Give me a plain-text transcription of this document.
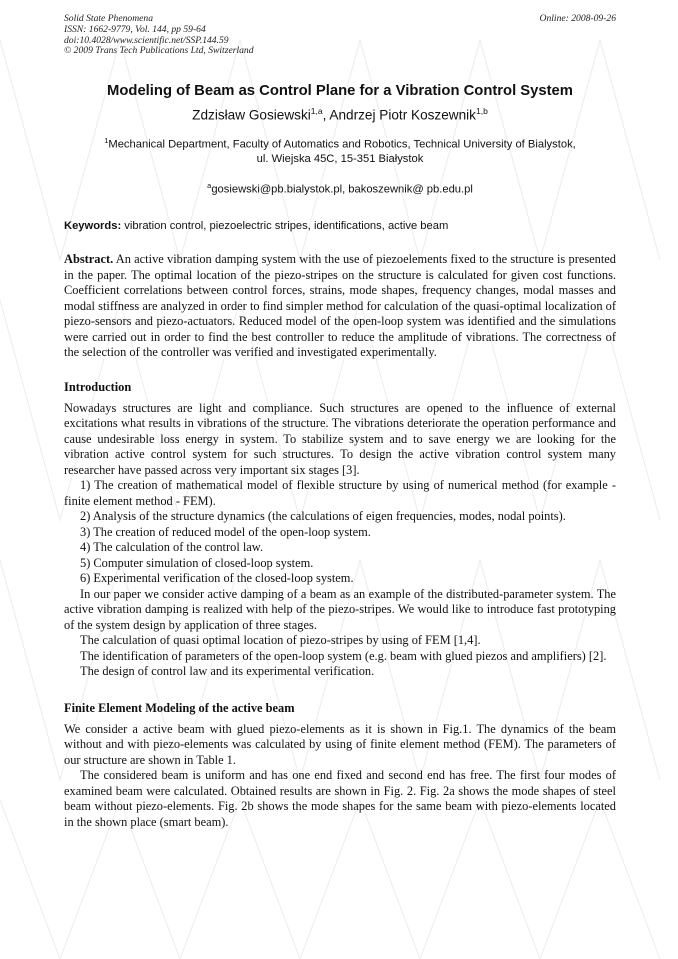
Solid State Phenomena
ISSN: 1662-9779, Vol. 144, pp 59-64
doi:10.4028/www.scientific.net/SSP.144.59
© 2009 Trans Tech Publications Ltd, Switzerland
Online: 2008-09-26
Modeling of Beam as Control Plane for a Vibration Control System
Zdzisław Gosiewski$^{1,a}$, Andrzej Piotr Koszewnik$^{1,b}$
$^1$Mechanical Department, Faculty of Automatics and Robotics, Technical University of Bialystok,
ul. Wiejska 45C, 15-351 Białystok
$^a$gosiewski@pb.bialystok.pl, bakoszewnik@ pb.edu.pl
Keywords: vibration control, piezoelectric stripes, identifications, active beam

Abstract. An active vibration damping system with the use of piezoelements fixed to the structure is presented in the paper. The optimal location of the piezo-stripes on the structure is calculated for given cost functions. Coefficient correlations between control forces, strains, mode shapes, frequency changes, modal masses and modal stiffness are analyzed in order to find simpler method for calculation of the quasi-optimal localization of piezo-sensors and piezo-actuators. Reduced model of the open-loop system was identified and the simulations were carried out in order to find the best controller to reduce the amplitude of vibrations. The correctness of the selection of the controller was verified and investigated experimentally.

Introduction

Nowadays structures are light and compliance. Such structures are opened to the influence of external excitations what results in vibrations of the structure. The vibrations deteriorate the operation performance and cause undesirable loss energy in system. To stabilize system and to save energy we are looking for the vibration active control system for such structures. To design the active vibration control system many researcher have passed across very important six stages [3].

1) The creation of mathematical model of flexible structure by using of numerical method (for example -finite element method - FEM).

2) Analysis of the structure dynamics (the calculations of eigen frequencies, modes, nodal points).

3) The creation of reduced model of the open-loop system.

4) The calculation of the control law.

5) Computer simulation of closed-loop system.

6) Experimental verification of the closed-loop system.

In our paper we consider active damping of a beam as an example of the distributed-parameter system. The active vibration damping is realized with help of the piezo-stripes. We would like to introduce fast prototyping of the system design by application of three stages.

The calculation of quasi optimal location of piezo-stripes by using of FEM [1,4].

The identification of parameters of the open-loop system (e.g. beam with glued piezos and amplifiers) [2].

The design of control law and its experimental verification.

Finite Element Modeling of the active beam

We consider a active beam with glued piezo-elements as it is shown in Fig.1. The dynamics of the beam without and with piezo-elements was calculated by using of finite element method (FEM). The parameters of our structure are shown in Table 1.

The considered beam is uniform and has one end fixed and second end has free. The first four modes of examined beam were calculated. Obtained results are shown in Fig. 2. Fig. 2a shows the mode shapes of steel beam without piezo-elements. Fig. 2b shows the mode shapes for the same beam with piezo-elements located in the shown place (smart beam).
